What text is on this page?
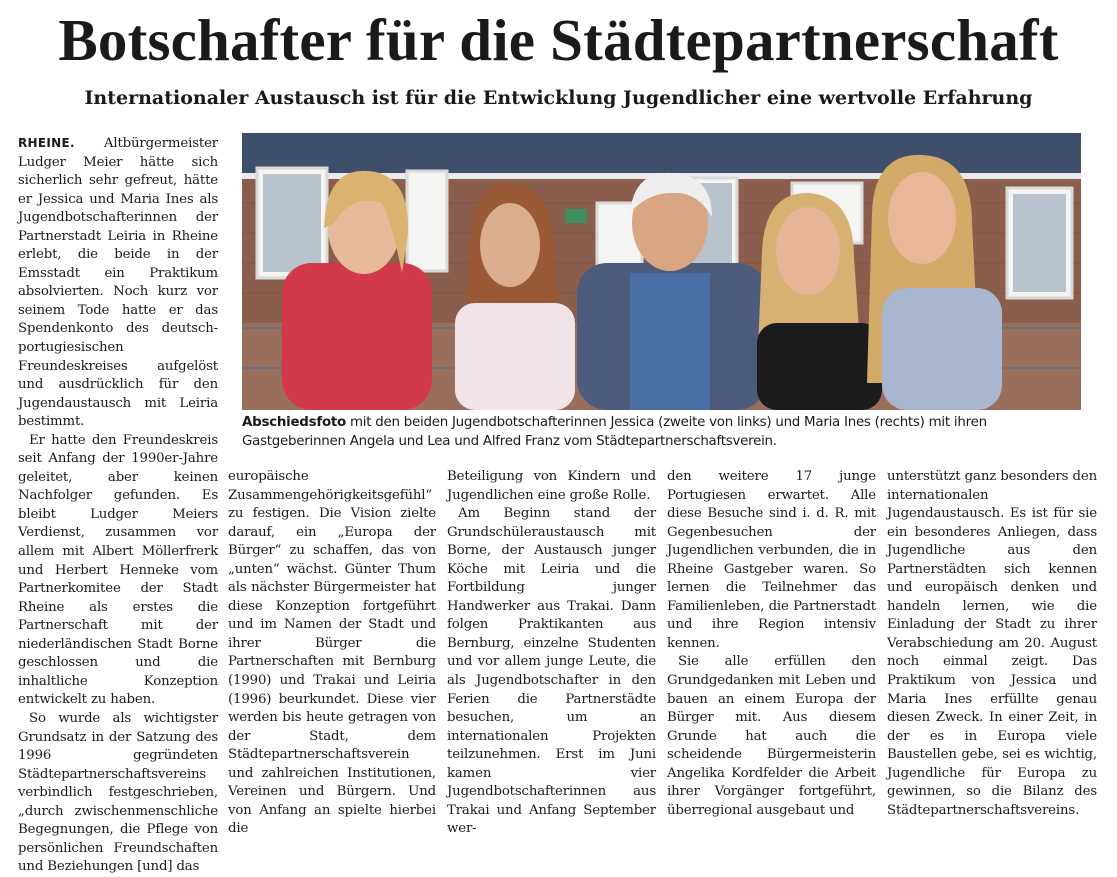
Botschafter für die Städtepartnerschaft
Internationaler Austausch ist für die Entwicklung Jugendlicher eine wertvolle Erfahrung

Abschiedsfoto mit den beiden Jugendbotschafterinnen Jessica (zweite von links) und Maria Ines (rechts) mit ihren Gastgeberinnen Angela und Lea und Alfred Franz vom Städtepartnerschaftsverein.

RHEINE. Altbürgermeister Ludger Meier hätte sich sicherlich sehr gefreut, hätte er Jessica und Maria Ines als Jugendbotschafterinnen der Partnerstadt Leiria in Rheine erlebt, die beide in der Emsstadt ein Praktikum absolvierten. Noch kurz vor seinem Tode hatte er das Spendenkonto des deutsch-portugiesischen Freundeskreises aufgelöst und ausdrücklich für den Jugendaustausch mit Leiria bestimmt.

Er hatte den Freundeskreis seit Anfang der 1990er-Jahre geleitet, aber keinen Nachfolger gefunden. Es bleibt Ludger Meiers Verdienst, zusammen vor allem mit Albert Möllerfrerk und Herbert Henneke vom Partnerkomitee der Stadt Rheine als erstes die Partnerschaft mit der niederländischen Stadt Borne geschlossen und die inhaltliche Konzeption entwickelt zu haben.

So wurde als wichtigster Grundsatz in der Satzung des 1996 gegründeten Städtepartnerschaftsvereins verbindlich festgeschrieben, „durch zwischenmenschliche Begegnungen, die Pflege von persönlichen Freundschaften und Beziehungen [und] das

europäische Zusammengehörigkeitsgefühl“ zu festigen. Die Vision zielte darauf, ein „Europa der Bürger“ zu schaffen, das von „unten“ wächst. Günter Thum als nächster Bürgermeister hat diese Konzeption fortgeführt und im Namen der Stadt und ihrer Bürger die Partnerschaften mit Bernburg (1990) und Trakai und Leiria (1996) beurkundet. Diese vier werden bis heute getragen von der Stadt, dem Städtepartnerschaftsverein und zahlreichen Institutionen, Vereinen und Bürgern. Und von Anfang an spielte hierbei die

Beteiligung von Kindern und Jugendlichen eine große Rolle.

Am Beginn stand der Grundschüleraustausch mit Borne, der Austausch junger Köche mit Leiria und die Fortbildung junger Handwerker aus Trakai. Dann folgen Praktikanten aus Bernburg, einzelne Studenten und vor allem junge Leute, die als Jugendbotschafter in den Ferien die Partnerstädte besuchen, um an internationalen Projekten teilzunehmen. Erst im Juni kamen vier Jugendbotschafterinnen aus Trakai und Anfang September wer-

den weitere 17 junge Portugiesen erwartet. Alle diese Besuche sind i. d. R. mit Gegenbesuchen der Jugendlichen verbunden, die in Rheine Gastgeber waren. So lernen die Teilnehmer das Familienleben, die Partnerstadt und ihre Region intensiv kennen.

Sie alle erfüllen den Grundgedanken mit Leben und bauen an einem Europa der Bürger mit. Aus diesem Grunde hat auch die scheidende Bürgermeisterin Angelika Kordfelder die Arbeit ihrer Vorgänger fortgeführt, überregional ausgebaut und

unterstützt ganz besonders den internationalen Jugendaustausch. Es ist für sie ein besonderes Anliegen, dass Jugendliche aus den Partnerstädten sich kennen und europäisch denken und handeln lernen, wie die Einladung der Stadt zu ihrer Verabschiedung am 20. August noch einmal zeigt. Das Praktikum von Jessica und Maria Ines erfüllte genau diesen Zweck. In einer Zeit, in der es in Europa viele Baustellen gebe, sei es wichtig, Jugendliche für Europa zu gewinnen, so die Bilanz des Städtepartnerschaftsvereins.
